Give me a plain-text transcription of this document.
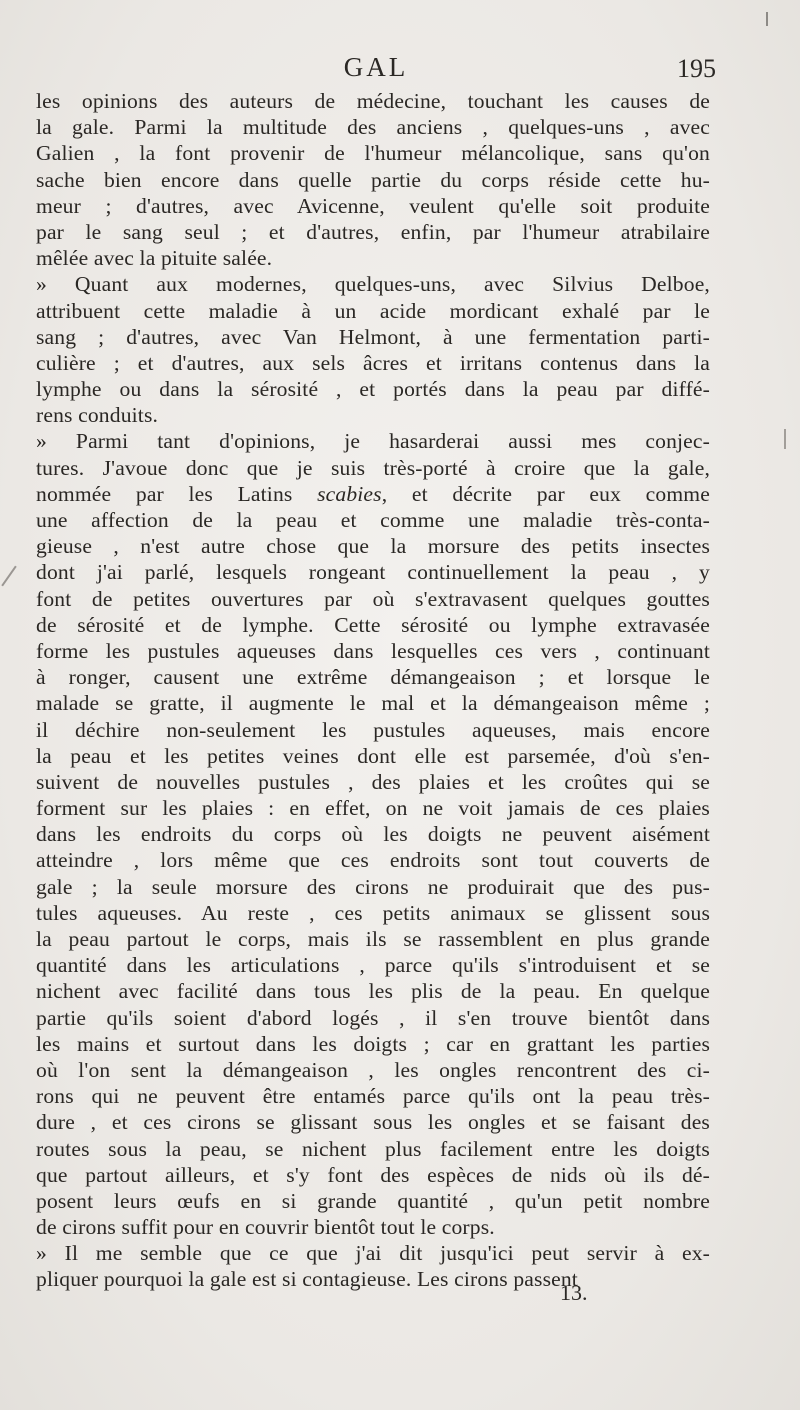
GAL	195
les opinions des auteurs de médecine, touchant les causes de
la gale. Parmi la multitude des anciens , quelques-uns , avec
Galien , la font provenir de l'humeur mélancolique, sans qu'on
sache bien encore dans quelle partie du corps réside cette hu-
meur ; d'autres, avec Avicenne, veulent qu'elle soit produite
par le sang seul ; et d'autres, enfin, par l'humeur atrabilaire
mêlée avec la pituite salée.
» Quant aux modernes, quelques-uns, avec Silvius Delboe,
attribuent cette maladie à un acide mordicant exhalé par le
sang ; d'autres, avec Van Helmont, à une fermentation parti-
culière ; et d'autres, aux sels âcres et irritans contenus dans la
lymphe ou dans la sérosité , et portés dans la peau par diffé-
rens conduits.
» Parmi tant d'opinions, je hasarderai aussi mes conjec-
tures. J'avoue donc que je suis très-porté à croire que la gale,
nommée par les Latins scabies, et décrite par eux comme
une affection de la peau et comme une maladie très-conta-
gieuse , n'est autre chose que la morsure des petits insectes
dont j'ai parlé, lesquels rongeant continuellement la peau , y
font de petites ouvertures par où s'extravasent quelques gouttes
de sérosité et de lymphe. Cette sérosité ou lymphe extravasée
forme les pustules aqueuses dans lesquelles ces vers , continuant
à ronger, causent une extrême démangeaison ; et lorsque le
malade se gratte, il augmente le mal et la démangeaison même ;
il déchire non-seulement les pustules aqueuses, mais encore
la peau et les petites veines dont elle est parsemée, d'où s'en-
suivent de nouvelles pustules , des plaies et les croûtes qui se
forment sur les plaies : en effet, on ne voit jamais de ces plaies
dans les endroits du corps où les doigts ne peuvent aisément
atteindre , lors même que ces endroits sont tout couverts de
gale ; la seule morsure des cirons ne produirait que des pus-
tules aqueuses. Au reste , ces petits animaux se glissent sous
la peau partout le corps, mais ils se rassemblent en plus grande
quantité dans les articulations , parce qu'ils s'introduisent et se
nichent avec facilité dans tous les plis de la peau. En quelque
partie qu'ils soient d'abord logés , il s'en trouve bientôt dans
les mains et surtout dans les doigts ; car en grattant les parties
où l'on sent la démangeaison , les ongles rencontrent des ci-
rons qui ne peuvent être entamés parce qu'ils ont la peau très-
dure , et ces cirons se glissant sous les ongles et se faisant des
routes sous la peau, se nichent plus facilement entre les doigts
que partout ailleurs, et s'y font des espèces de nids où ils dé-
posent leurs œufs en si grande quantité , qu'un petit nombre
de cirons suffit pour en couvrir bientôt tout le corps.
» Il me semble que ce que j'ai dit jusqu'ici peut servir à ex-
pliquer pourquoi la gale est si contagieuse. Les cirons passent
13.
